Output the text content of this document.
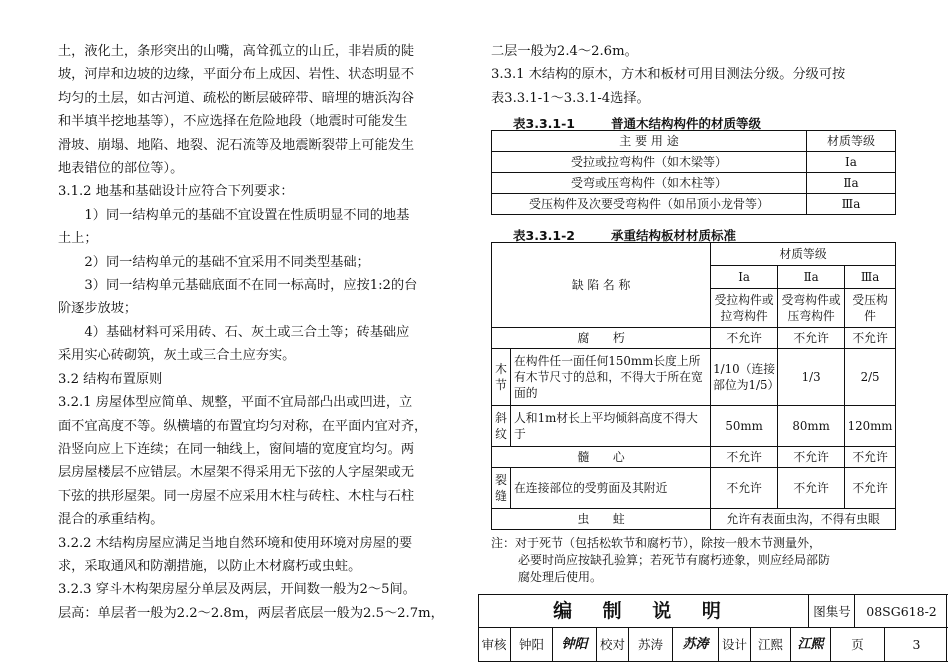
土，液化土，条形突出的山嘴，高耸孤立的山丘，非岩质的陡

坡，河岸和边坡的边缘，平面分布上成因、岩性、状态明显不

均匀的土层，如古河道、疏松的断层破碎带、暗埋的塘浜沟谷

和半填半挖地基等），不应选择在危险地段（地震时可能发生

滑坡、崩塌、地陷、地裂、泥石流等及地震断裂带上可能发生

地表错位的部位等）。

3.1.2 地基和基础设计应符合下列要求：

1）同一结构单元的基础不宜设置在性质明显不同的地基

土上；

2）同一结构单元的基础不宜采用不同类型基础；

3）同一结构单元基础底面不在同一标高时，应按1:2的台

阶逐步放坡；

4）基础材料可采用砖、石、灰土或三合土等；砖基础应

采用实心砖砌筑，灰土或三合土应夯实。

3.2 结构布置原则

3.2.1 房屋体型应简单、规整，平面不宜局部凸出或凹进，立

面不宜高度不等。纵横墙的布置宜均匀对称，在平面内宜对齐，

沿竖向应上下连续；在同一轴线上，窗间墙的宽度宜均匀。两

层房屋楼层不应错层。木屋架不得采用无下弦的人字屋架或无

下弦的拱形屋架。同一房屋不应采用木柱与砖柱、木柱与石柱

混合的承重结构。

3.2.2 木结构房屋应满足当地自然环境和使用环境对房屋的要

求，采取通风和防潮措施，以防止木材腐朽或虫蛀。

3.2.3 穿斗木构架房屋分单层及两层，开间数一般为2～5间。

层高：单层者一般为2.2～2.8m，两层者底层一般为2.5～2.7m，

二层一般为2.4～2.6m。

3.3.1 木结构的原木，方木和板材可用目测法分级。分级可按

表3.3.1-1～3.3.1-4选择。

表3.3.1-1	普通木结构构件的材质等级
主 要 用 途	材质等级
受拉或拉弯构件（如木梁等）	Ⅰa
受弯或压弯构件（如木柱等）	Ⅱa
受压构件及次要受弯构件（如吊顶小龙骨等）	Ⅲa
表3.3.1-2	承重结构板材材质标准
缺 陷 名 称		材质等级		
		Ⅰa	Ⅱa	Ⅲa
		受拉构件或拉弯构件	受弯构件或压弯构件	受压构件
腐　　朽		不允许	不允许	不允许
木节	在构件任一面任何150mm长度上所有木节尺寸的总和，不得大于所在宽面的	1/10（连接部位为1/5）	1/3	2/5
斜纹	人和1m材长上平均倾斜高度不得大于	50mm	80mm	120mm
髓　　心		不允许	不允许	不允许
裂缝	在连接部位的受剪面及其附近	不允许	不允许	不允许
虫　　蛀		允许有表面虫沟，不得有虫眼		
注：对于死节（包括松软节和腐朽节），除按一般木节测量外，
必要时尚应按缺孔验算；若死节有腐朽迹象，则应经局部防
腐处理后使用。
编 制 说 明	图集号	08SG618-2
审核 钟阳	钟阳 校对	苏涛	苏涛	设计 江熙	江熙	页	3
